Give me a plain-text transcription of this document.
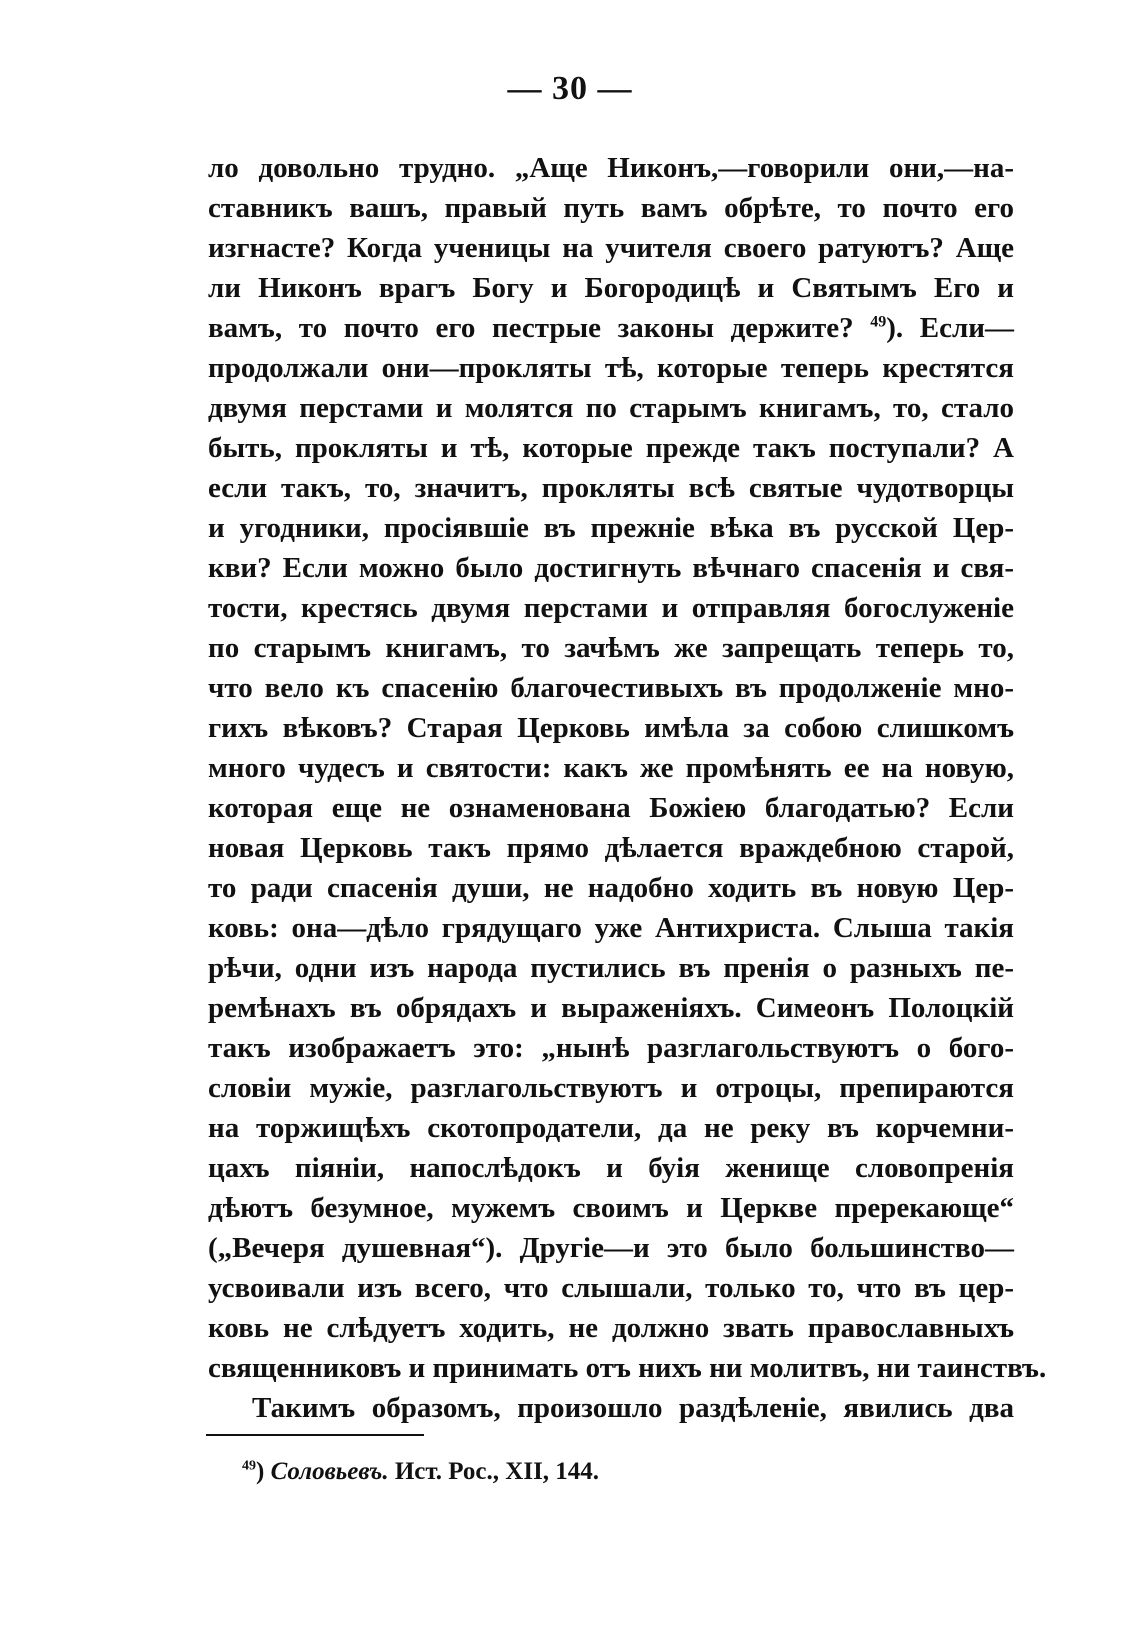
— 30 —
ло довольно трудно. „Аще Никонъ,—говорили они,—на-
ставникъ вашъ, правый путь вамъ обрѣте, то почто его
изгнасте? Когда ученицы на учителя своего ратуютъ? Аще
ли Никонъ врагъ Богу и Богородицѣ и Святымъ Его и
вамъ, то почто его пестрые законы держите? $^{49}$). Если—
продолжали они—прокляты тѣ, которые теперь крестятся
двумя перстами и молятся по старымъ книгамъ, то, стало
быть, прокляты и тѣ, которые прежде такъ поступали? А
если такъ, то, значитъ, прокляты всѣ святые чудотворцы
и угодники, просіявшіе въ прежніе вѣка въ русской Цер-
кви? Если можно было достигнуть вѣчнаго спасенія и свя-
тости, крестясь двумя перстами и отправляя богослуженіе
по старымъ книгамъ, то зачѣмъ же запрещать теперь то,
что вело къ спасенію благочестивыхъ въ продолженіе мно-
гихъ вѣковъ? Старая Церковь имѣла за собою слишкомъ
много чудесъ и святости: какъ же промѣнять ее на новую,
которая еще не ознаменована Божіею благодатью? Если
новая Церковь такъ прямо дѣлается враждебною старой,
то ради спасенія души, не надобно ходить въ новую Цер-
ковь: она—дѣло грядущаго уже Антихриста. Слыша такія
рѣчи, одни изъ народа пустились въ пренія о разныхъ пе-
ремѣнахъ въ обрядахъ и выраженіяхъ. Симеонъ Полоцкій
такъ изображаетъ это: „нынѣ разглагольствуютъ о бого-
словіи мужіе, разглагольствуютъ и отроцы, препираются
на торжищѣхъ скотопродатели, да не реку въ корчемни-
цахъ піяніи, напослѣдокъ и буія женище словопренія
дѣютъ безумное, мужемъ своимъ и Церкве пререкающе“
(„Вечеря душевная“). Другіе—и это было большинство—
усвоивали изъ всего, что слышали, только то, что въ цер-
ковь не слѣдуетъ ходить, не должно звать православныхъ
священниковъ и принимать отъ нихъ ни молитвъ, ни таинствъ.
Такимъ образомъ, произошло раздѣленіе, явились два
$^{49}$) Соловьевъ. Ист. Рос., XII, 144.
